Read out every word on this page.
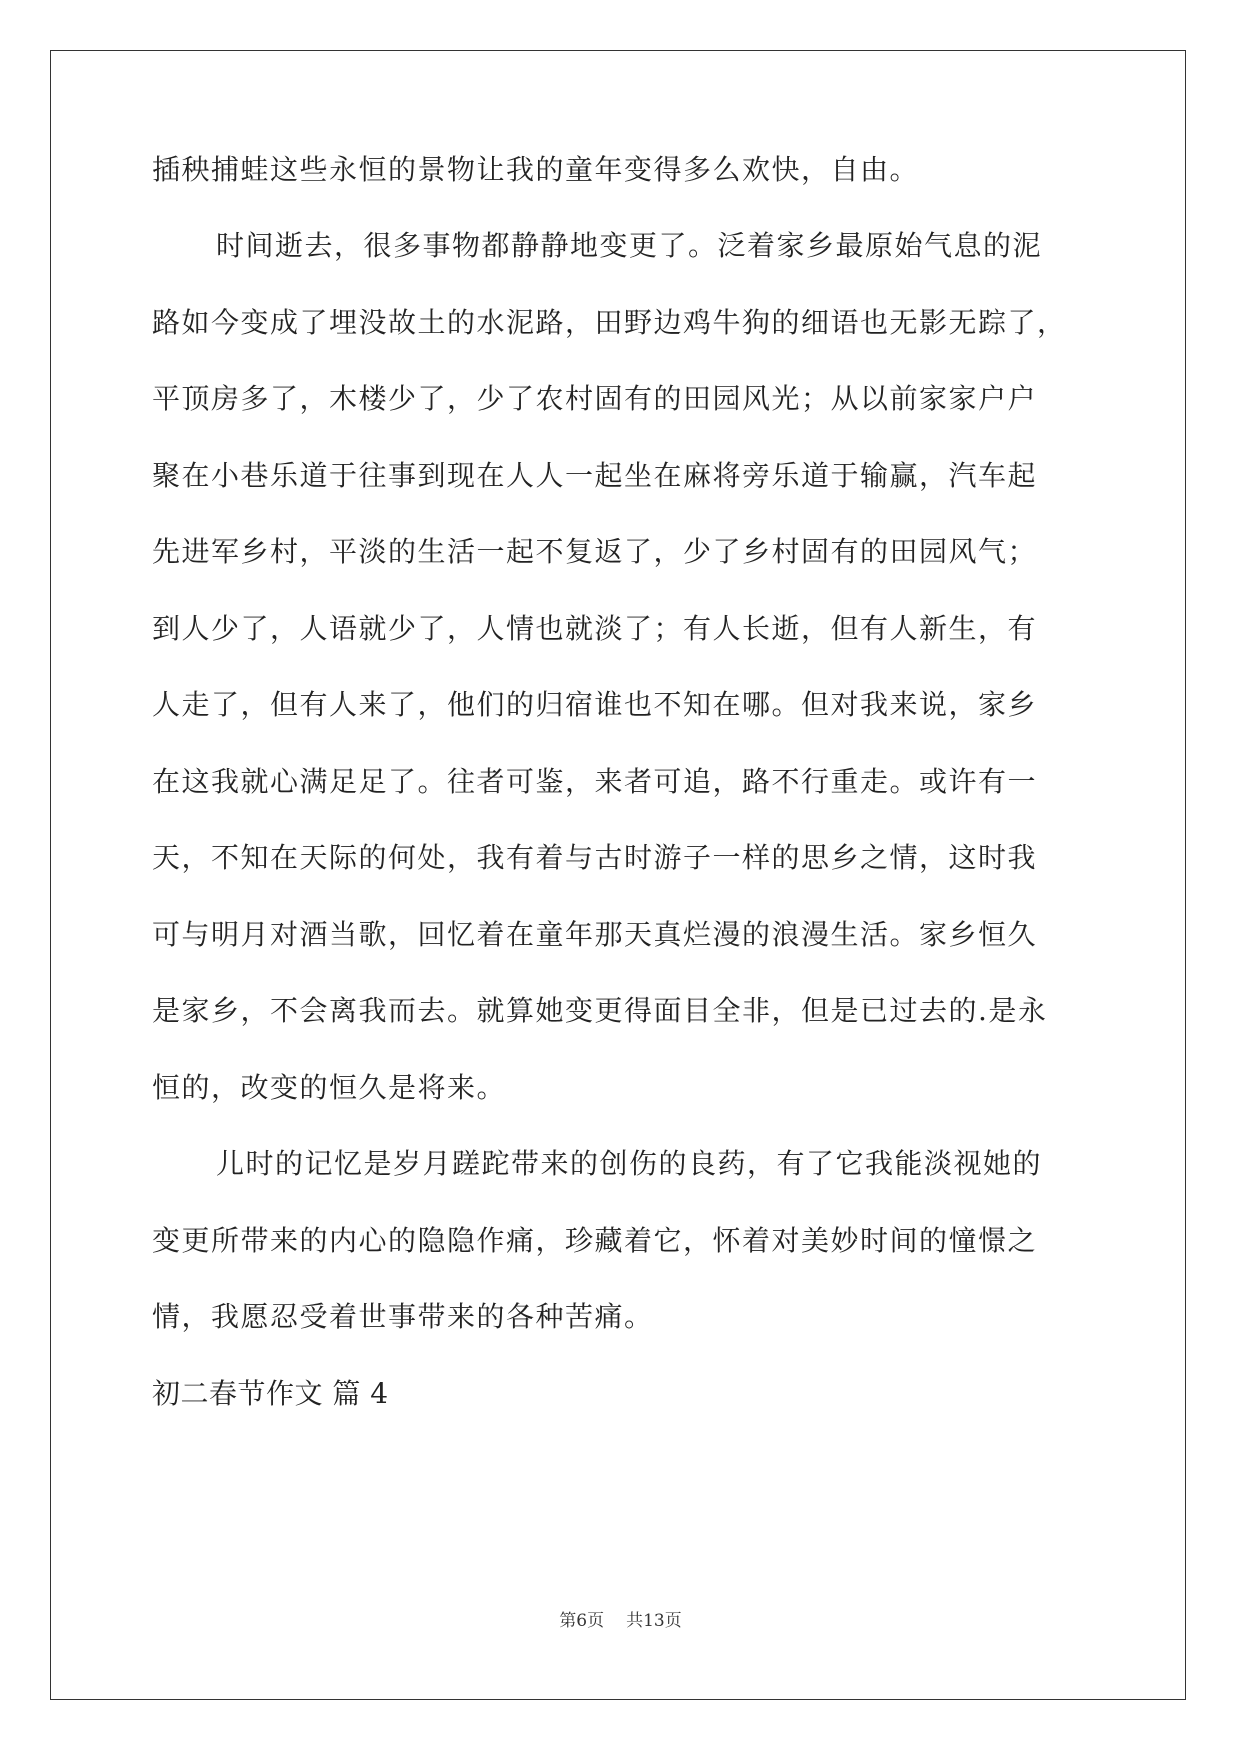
插秧捕蛙这些永恒的景物让我的童年变得多么欢快，自由。
时间逝去，很多事物都静静地变更了。泛着家乡最原始气息的泥
路如今变成了埋没故土的水泥路，田野边鸡牛狗的细语也无影无踪了，
平顶房多了，木楼少了，少了农村固有的田园风光；从以前家家户户
聚在小巷乐道于往事到现在人人一起坐在麻将旁乐道于输赢，汽车起
先进军乡村，平淡的生活一起不复返了，少了乡村固有的田园风气；
到人少了，人语就少了，人情也就淡了；有人长逝，但有人新生，有
人走了，但有人来了，他们的归宿谁也不知在哪。但对我来说，家乡
在这我就心满足足了。往者可鉴，来者可追，路不行重走。或许有一
天，不知在天际的何处，我有着与古时游子一样的思乡之情，这时我
可与明月对酒当歌，回忆着在童年那天真烂漫的浪漫生活。家乡恒久
是家乡，不会离我而去。就算她变更得面目全非，但是已过去的.是永
恒的，改变的恒久是将来。
儿时的记忆是岁月蹉跎带来的创伤的良药，有了它我能淡视她的
变更所带来的内心的隐隐作痛，珍藏着它，怀着对美妙时间的憧憬之
情，我愿忍受着世事带来的各种苦痛。
初二春节作文 篇 4
第6页 共13页
